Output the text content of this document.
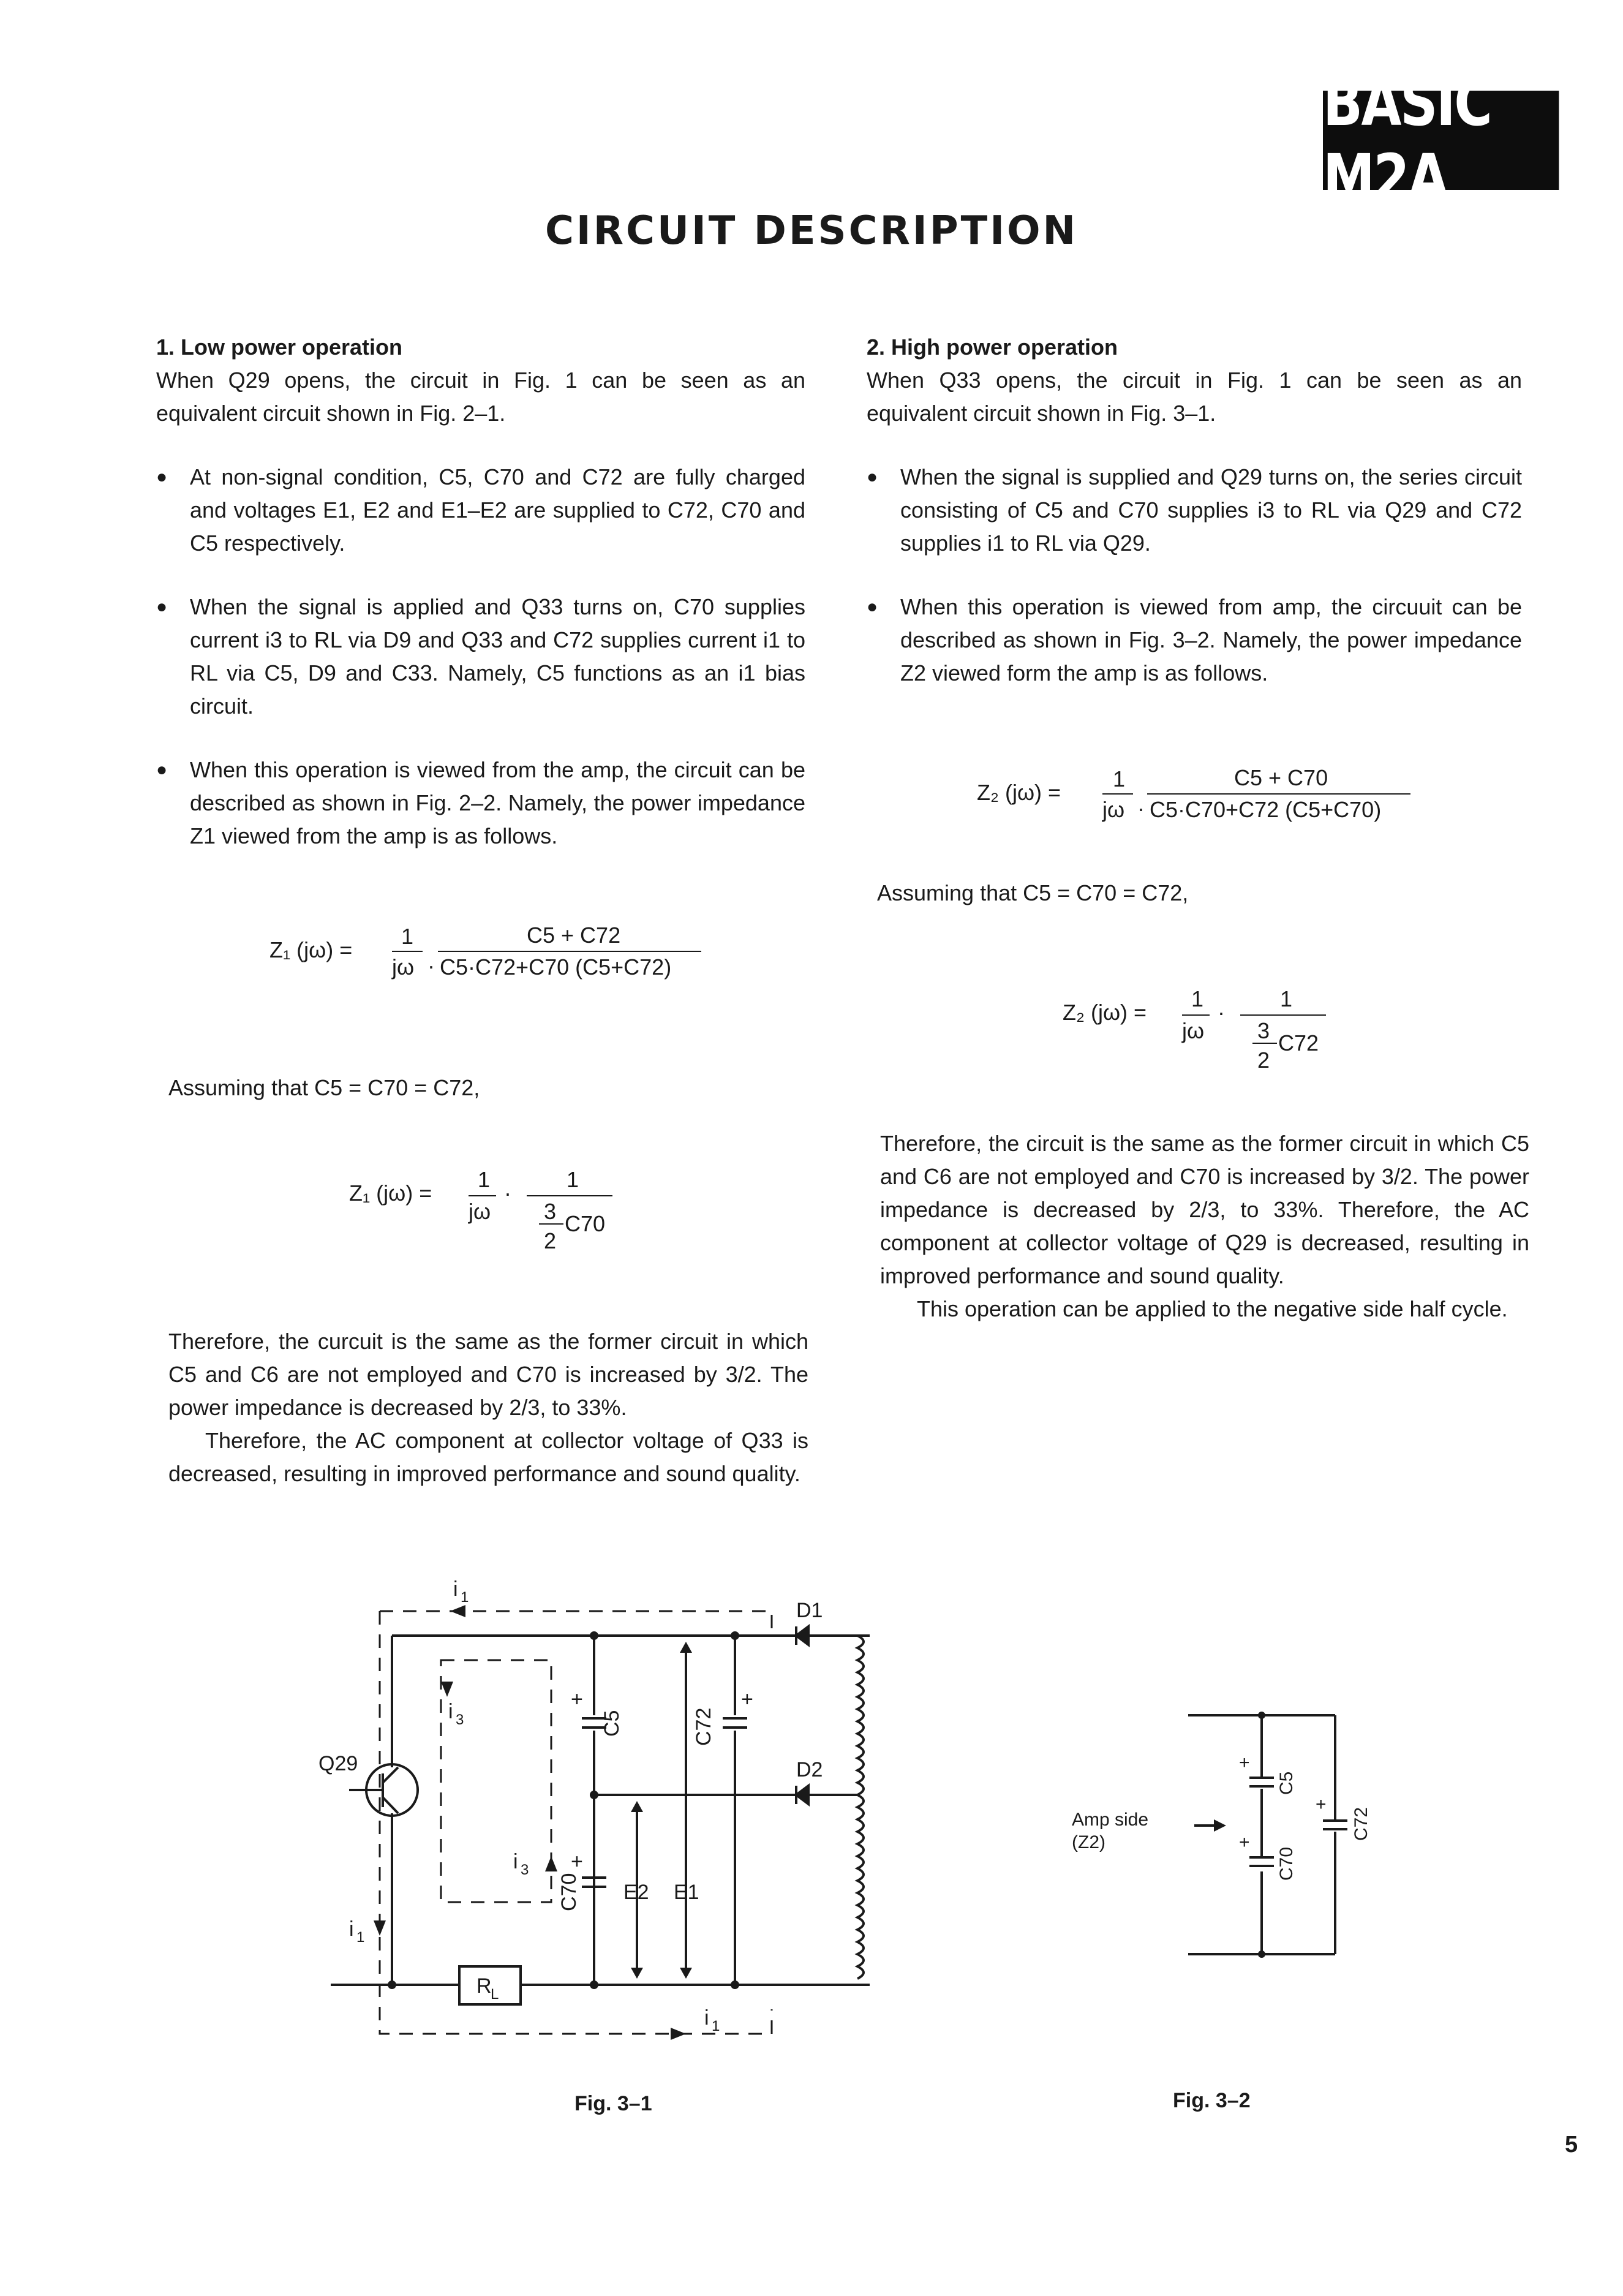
BASIC M2A
CIRCUIT DESCRIPTION

1. Low power operation

When Q29 opens, the circuit in Fig. 1 can be seen as an equivalent circuit shown in Fig. 2–1.

● At non-signal condition, C5, C70 and C72 are fully charged and voltages E1, E2 and E1–E2 are supplied to C72, C70 and C5 respectively.

● When the signal is applied and Q33 turns on, C70 supplies current i3 to RL via D9 and Q33 and C72 supplies current i1 to RL via C5, D9 and C33. Namely, C5 functions as an i1 bias circuit.

● When this operation is viewed from the amp, the circuit can be described as shown in Fig. 2–2. Namely, the power impedance Z1 viewed from the amp is as follows.

Z₁ (jω) =
1
jω ·
C5 + C72
C5·C72+C70 (C5+C72)

Assuming that C5 = C70 = C72,

Z₁ (jω) =
1
jω
·
1
3 C70
2

Therefore, the curcuit is the same as the former circuit in which C5 and C6 are not employed and C70 is increased by 3/2. The power impedance is decreased by 2/3, to 33%.

Therefore, the AC component at collector voltage of Q33 is decreased, resulting in improved performance and sound quality.

2. High power operation

When Q33 opens, the circuit in Fig. 1 can be seen as an equivalent circuit shown in Fig. 3–1.

● When the signal is supplied and Q29 turns on, the series circuit consisting of C5 and C70 supplies i3 to RL via Q29 and C72 supplies i1 to RL via Q29.

● When this operation is viewed from amp, the circuuit can be described as shown in Fig. 3–2. Namely, the power impedance Z2 viewed form the amp is as follows.

Z₂ (jω) =
1
jω ·
C5 + C70
C5·C70+C72 (C5+C70)

Assuming that C5 = C70 = C72,

Z₂ (jω) =
1
jω
·
1
3 C72
2

Therefore, the circuit is the same as the former circuit in which C5 and C6 are not employed and C70 is increased by 3/2. The power impedance is decreased by 2/3, to 33%. Therefore, the AC component at collector voltage of Q29 is decreased, resulting in improved performance and sound quality.

This operation can be applied to the negative side half cycle.

i 1
D1
D2
Q29
i 3
i 3
i 1
i 1
+	+
+
C5	C72
C70 E2 E1
R
L
Fig. 3–1
Amp side
(Z2)
+
+
+
C5
C70
C72
Fig. 3–2
5
